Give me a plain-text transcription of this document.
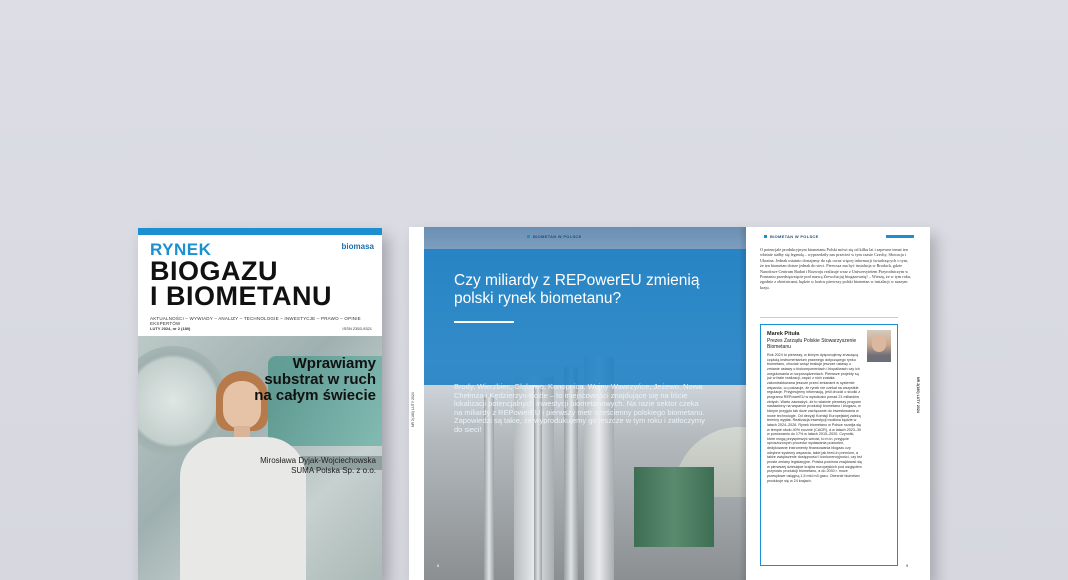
RYNEK
BIOGAZU
I BIOMETANU
biomasa
AKTUALNOŚCI – WYWIADY – ANALIZY – TECHNOLOGIE – INWESTYCJE – PRAWO – OPINIE EKSPERTÓW
LUTY 2024, nr 2 (180)	ISSN 2353-9321
Wprawiamy substrat w ruch na całym świecie
Mirosława Dyjak-Wojciechowska
SUMA Polska Sp. z o.o.
NR 2(180) LUTY 2024
BIOMETAN W POLSCE
Czy miliardy z REPowerEU zmienią polski rynek biometanu?
Brody, Wierzbiec, Głąbowo, Konopnica, Wojny-Wawrzyńce, Jeżewo, Nowa Chełmża i Kędzierzyn-Koźle – to miejscowości znajdujące się na liście lokalizacji potencjalnych inwestycji biometanowych. Na razie sektor czeka na miliardy z REPowerEU i pierwszy metr sześcienny polskiego biometanu. Zapowiedzi są takie, że wyprodukujemy go jeszcze w tym roku i zatłoczymy do sieci!
8
BIOMETAN W POLSCE
O potencjale produkcyjnym biometanu Polski mówi się od kilku lat i zapewne temat ten właśnie stałby się legendą – wyprzedziły nas przecież w tym czasie Czechy, Słowacja i Ukraina. Jednak ostatnio dostajemy do rąk coraz więcej informacji świadczących o tym, że ten biometan dotrze jednak do sieci. Pierwsza ma być instalacja w Brodach, gdzie Narodowe Centrum Badań i Rozwoju realizuje wraz z Uniwersytetem Przyrodniczym w Poznaniu przedsięwzięcie pod nazwą Zrewolucjuj biogazownię! – Wierzę, że w tym roku, zgodnie z obietnicami, będzie w końcu pierwszy polski biometan w instalacji w naszym kraju.
Marek Pituła
Prezes Zarządu Polskie Stowarzyszenie Biometanu
Rok 2024 to pierwszy, w którym dysponujemy znaczącą częścią instrumentarium prawnego dotyczącego rynku biometanu, chociaż wciąż brakuje jeszcze ustawy o zmianie ustawy o biokomponentach i biopaliwach czy ich uregulowania w rozporządzeniach. Pierwsze projekty są już w fazie realizacji, część z nich została zakontraktowana jeszcze przed zmianami w systemie wsparcia, co pokazuje, że rynek nie czekał na wszystkie regulacje. Przyjmujemy informację, jeśli chodzi o środki z programu REPowerEU w wysokości ponad 21 miliardów złotych. Warto zauważyć, że to właśnie pierwszy program nastawiony na wsparcie produkcji biometanu i biogazu, w którym przyjęto tak duże zachęcanie do inwestowania w nowe technologie. Od decyzji Komisji Europejskiej zależą terminy wypłat. Realizacja inwestycji możliwa będzie w latach 2024–2026. Rynek biometanu w Polsce rozwija się w tempie około 40% rocznie (CAGR), a w latach 2023–30 w porównaniu do 17% w latach 2015–2020. Czynniki, które mogą przyspieszyć wzrost, to m.in. przyjęcie uproszczonych procedur wydawania pozwoleń, dedykowane instrumenty finansowania biogazu czy odrębne systemy wsparcia, takie jak feed-in premium, a także zwiększenie dostępności i konkurencyjności, czy też proste zmiany legislacyjne. Polska powinna znajdować się w pierwszej dziesiątce krajów europejskich pod względem przyrostu produkcji biometanu, a do 2030 r. moce przesyłowe osiągną 1,5 mld m3 gazu. Obecnie biometan produkuje się w 24 krajach.
NR 2(180) LUTY 2024
9
